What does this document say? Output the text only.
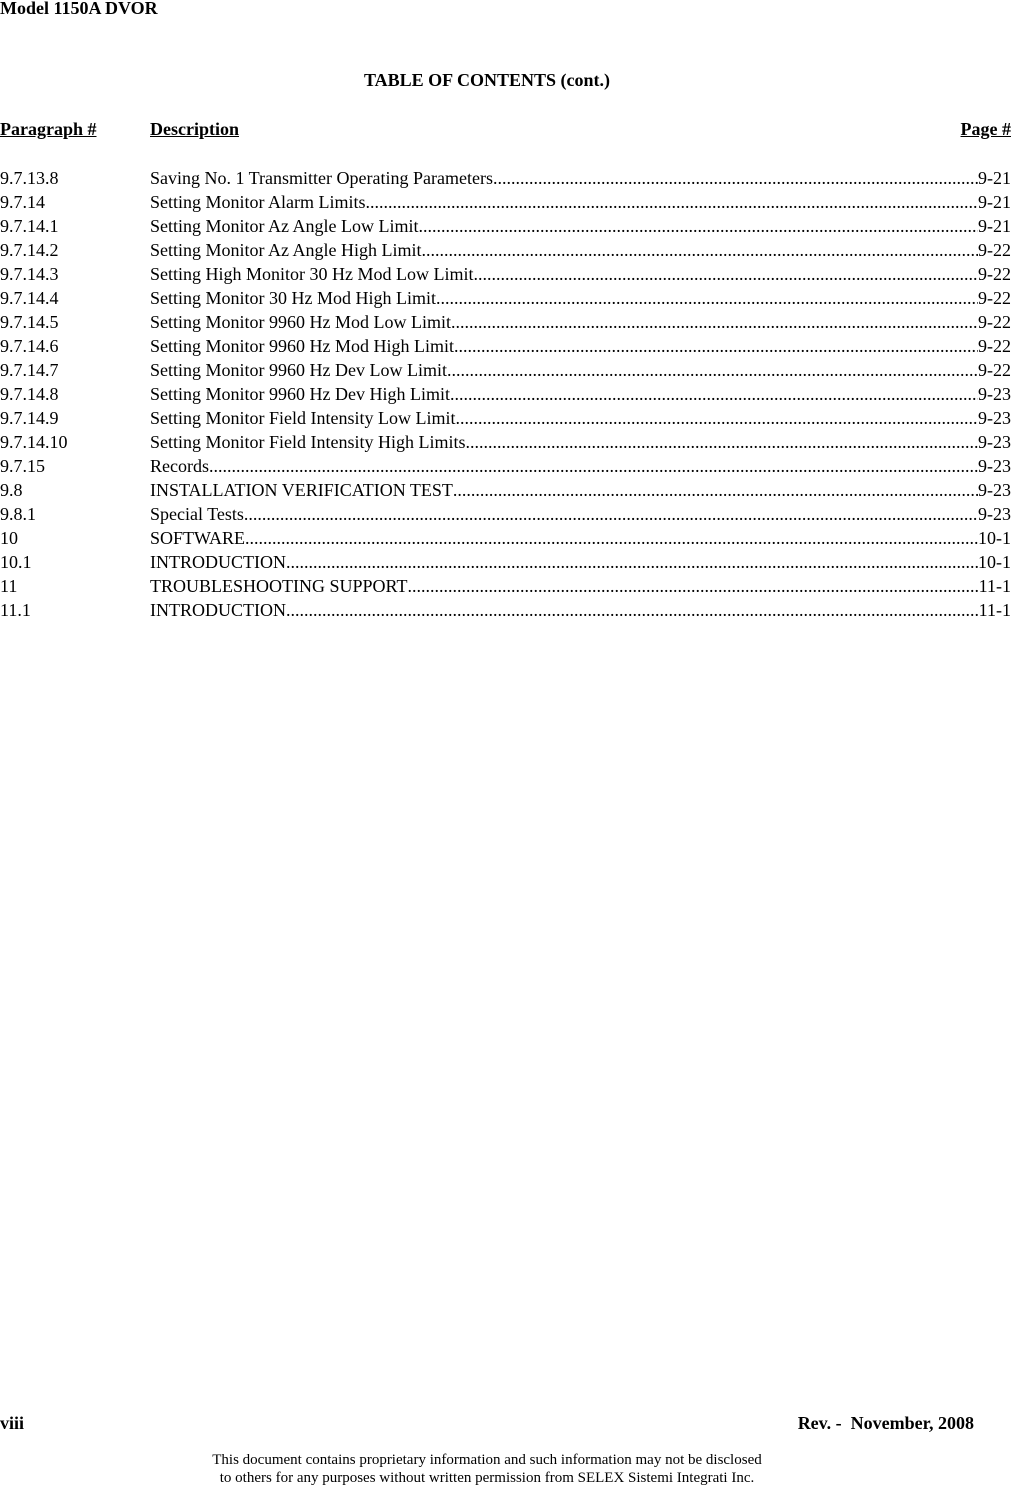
Model 1150A DVOR
TABLE OF CONTENTS (cont.)
Paragraph #	Description	Page #
9.7.13.8	Saving No. 1 Transmitter Operating Parameters .....	9-21
9.7.14	Setting Monitor Alarm Limits .....	9-21
9.7.14.1	Setting Monitor Az Angle Low Limit .....	9-21
9.7.14.2	Setting Monitor Az Angle High Limit .....	9-22
9.7.14.3	Setting High Monitor 30 Hz Mod Low Limit .....	9-22
9.7.14.4	Setting Monitor 30 Hz Mod High Limit .....	9-22
9.7.14.5	Setting Monitor 9960 Hz Mod Low Limit .....	9-22
9.7.14.6	Setting Monitor 9960 Hz Mod High Limit .....	9-22
9.7.14.7	Setting Monitor 9960 Hz Dev Low Limit .....	9-22
9.7.14.8	Setting Monitor 9960 Hz Dev High Limit .....	9-23
9.7.14.9	Setting Monitor Field Intensity Low Limit .....	9-23
9.7.14.10	Setting Monitor Field Intensity High Limits .....	9-23
9.7.15	Records .....	9-23
9.8	INSTALLATION VERIFICATION TEST .....	9-23
9.8.1	Special Tests .....	9-23
10	SOFTWARE .....	10-1
10.1	INTRODUCTION .....	10-1
11	TROUBLESHOOTING SUPPORT .....	11-1
11.1	INTRODUCTION .....	11-1
viii	Rev. -  November, 2008
This document contains proprietary information and such information may not be disclosed
to others for any purposes without written permission from SELEX Sistemi Integrati Inc.
